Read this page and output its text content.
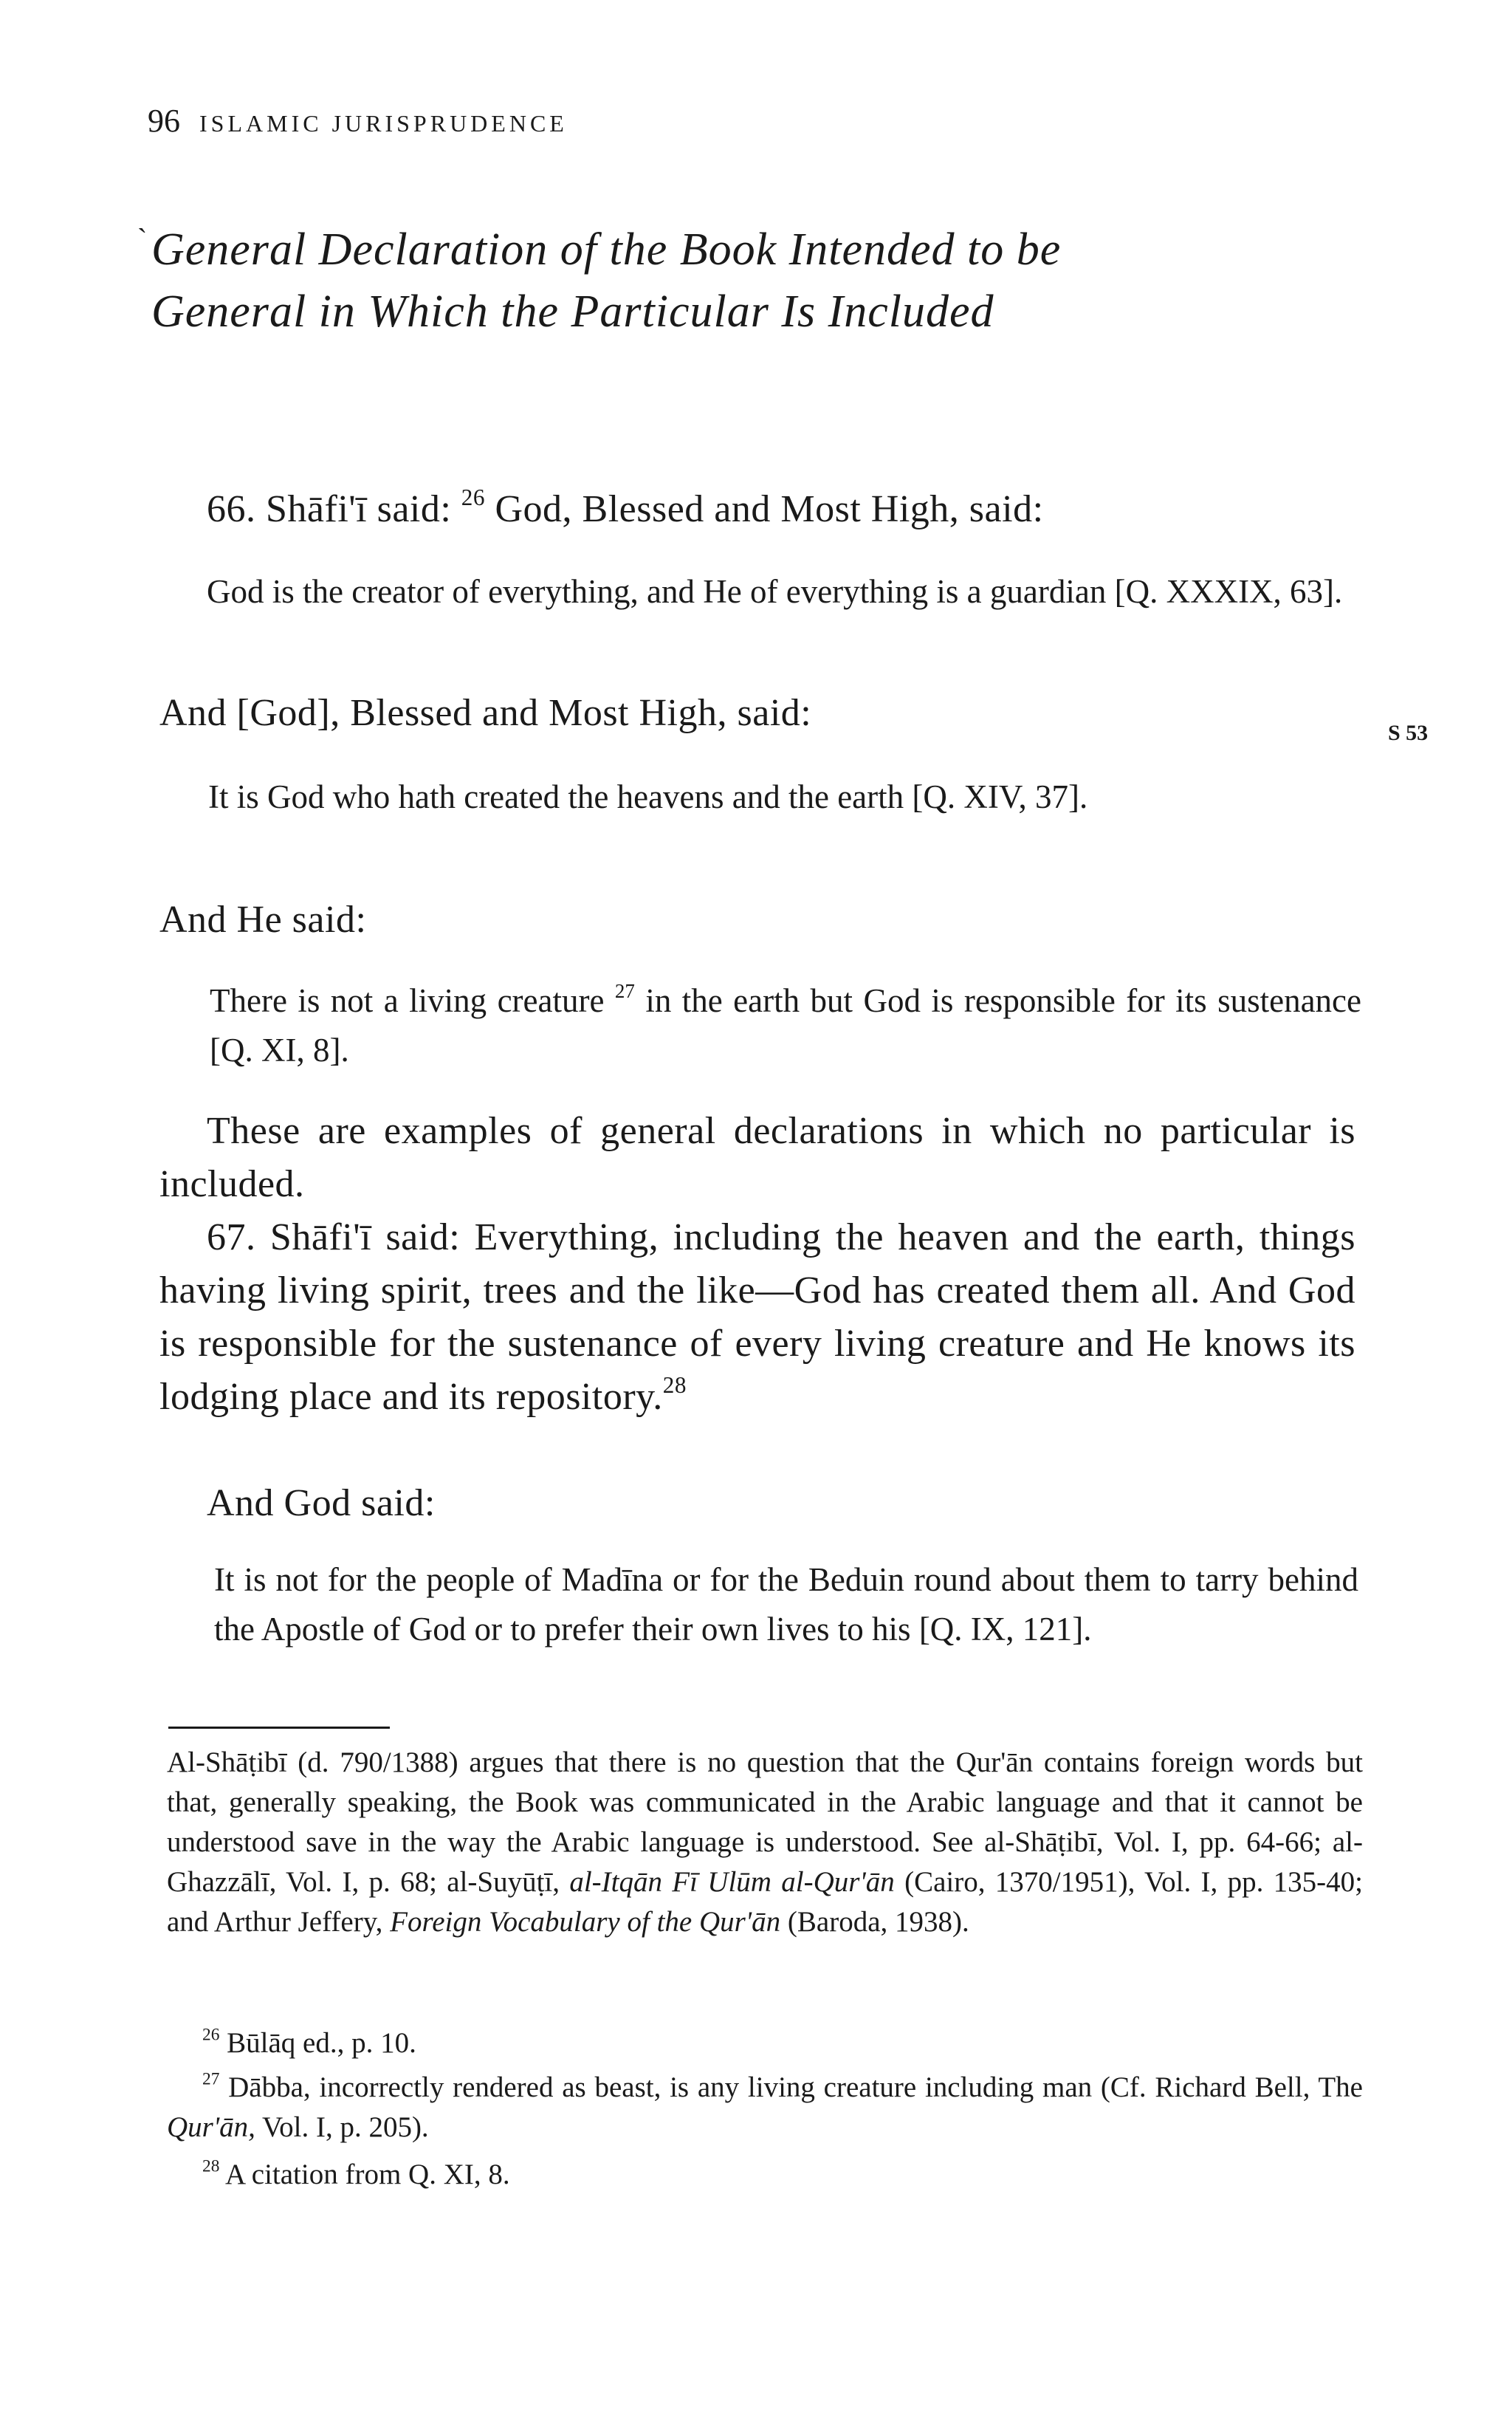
96 ISLAMIC JURISPRUDENCE
ˋ General Declaration of the Book Intended to be General in Which the Particular Is Included
66. Shāfi'ī said: $^{26}$ God, Blessed and Most High, said:
God is the creator of everything, and He of everything is a guardian [Q. XXXIX, 63].
And [God], Blessed and Most High, said:	S 53
It is God who hath created the heavens and the earth [Q. XIV, 37].
And He said:
There is not a living creature $^{27}$ in the earth but God is responsible for its sustenance [Q. XI, 8].
These are examples of general declarations in which no particular is included.
67. Shāfi'ī said: Everything, including the heaven and the earth, things having living spirit, trees and the like—God has created them all. And God is responsible for the sustenance of every living creature and He knows its lodging place and its repository.$^{28}$
And God said:
It is not for the people of Madīna or for the Beduin round about them to tarry behind the Apostle of God or to prefer their own lives to his [Q. IX, 121].
Al-Shāṭibī (d. 790/1388) argues that there is no question that the Qur'ān contains foreign words but that, generally speaking, the Book was communicated in the Arabic language and that it cannot be understood save in the way the Arabic language is understood. See al-Shāṭibī, Vol. I, pp. 64-66; al-Ghazzālī, Vol. I, p. 68; al-Suyūṭī, al-Itqān Fī Ulūm al-Qur'ān (Cairo, 1370/1951), Vol. I, pp. 135-40; and Arthur Jeffery, Foreign Vocabulary of the Qur'ān (Baroda, 1938).
$^{26}$ Būlāq ed., p. 10.
$^{27}$ Dābba, incorrectly rendered as beast, is any living creature including man (Cf. Richard Bell, The Qur'ān, Vol. I, p. 205).
$^{28}$ A citation from Q. XI, 8.
